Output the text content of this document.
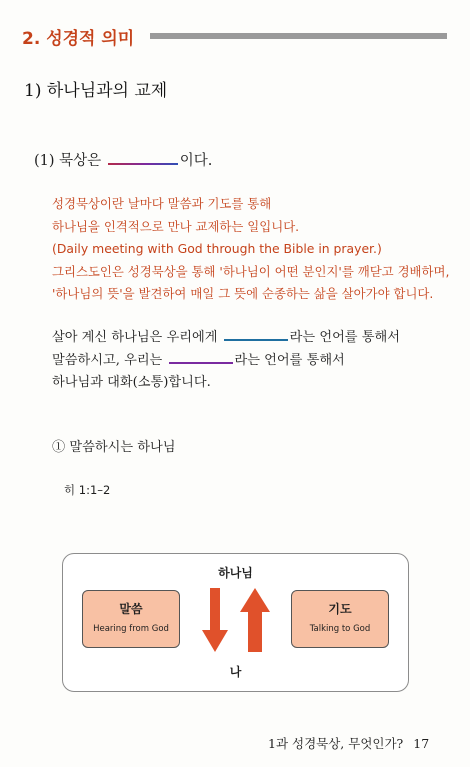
2. 성경적 의미
1) 하나님과의 교제
(1) 묵상은	이다.
성경묵상이란 날마다 말씀과 기도를 통해
하나님을 인격적으로 만나 교제하는 일입니다.
(Daily meeting with God through the Bible in prayer.)
그리스도인은 성경묵상을 통해 '하나님이 어떤 분인지'를 깨닫고 경배하며,
'하나님의 뜻'을 발견하여 매일 그 뜻에 순종하는 삶을 살아가야 합니다.
살아 계신 하나님은 우리에게	라는 언어를 통해서
말씀하시고, 우리는	라는 언어를 통해서
하나님과 대화(소통)합니다.
① 말씀하시는 하나님
히 1:1–2
하나님
말씀
Hearing from God
기도
Talking to God
나
1과 성경묵상, 무엇인가? 17
